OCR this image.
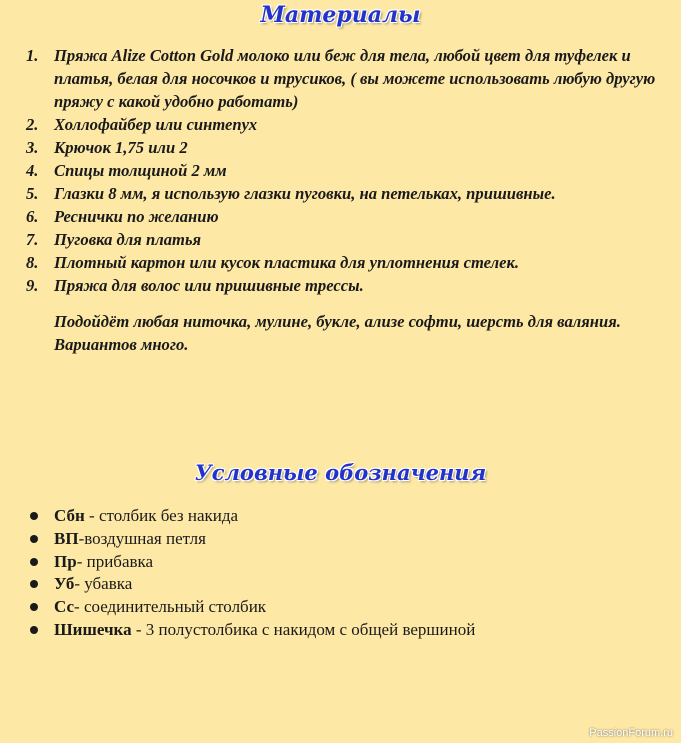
Материалы
1. Пряжа Alize Cotton Gold молоко или беж для тела, любой цвет для туфелек и платья, белая для носочков и трусиков, ( вы можете использовать любую другую пряжу с какой удобно работать)
2. Холлофайбер или синтепух
3. Крючок 1,75 или 2
4. Спицы толщиной 2 мм
5. Глазки 8 мм, я использую глазки пуговки, на петельках, пришивные.
6. Реснички по желанию
7. Пуговка для платья
8. Плотный картон или кусок пластика для уплотнения стелек.
9. Пряжа для волос или пришивные трессы.

Подойдёт любая ниточка, мулине, букле, ализе софти, шерсть для валяния. Вариантов много.

Условные обозначения
Сбн - столбик без накида
ВП-воздушная петля
Пр- прибавка
Уб- убавка
Сс- соединительный столбик
Шишечка - 3 полустолбика с накидом с общей вершиной
PassionForum.ru
